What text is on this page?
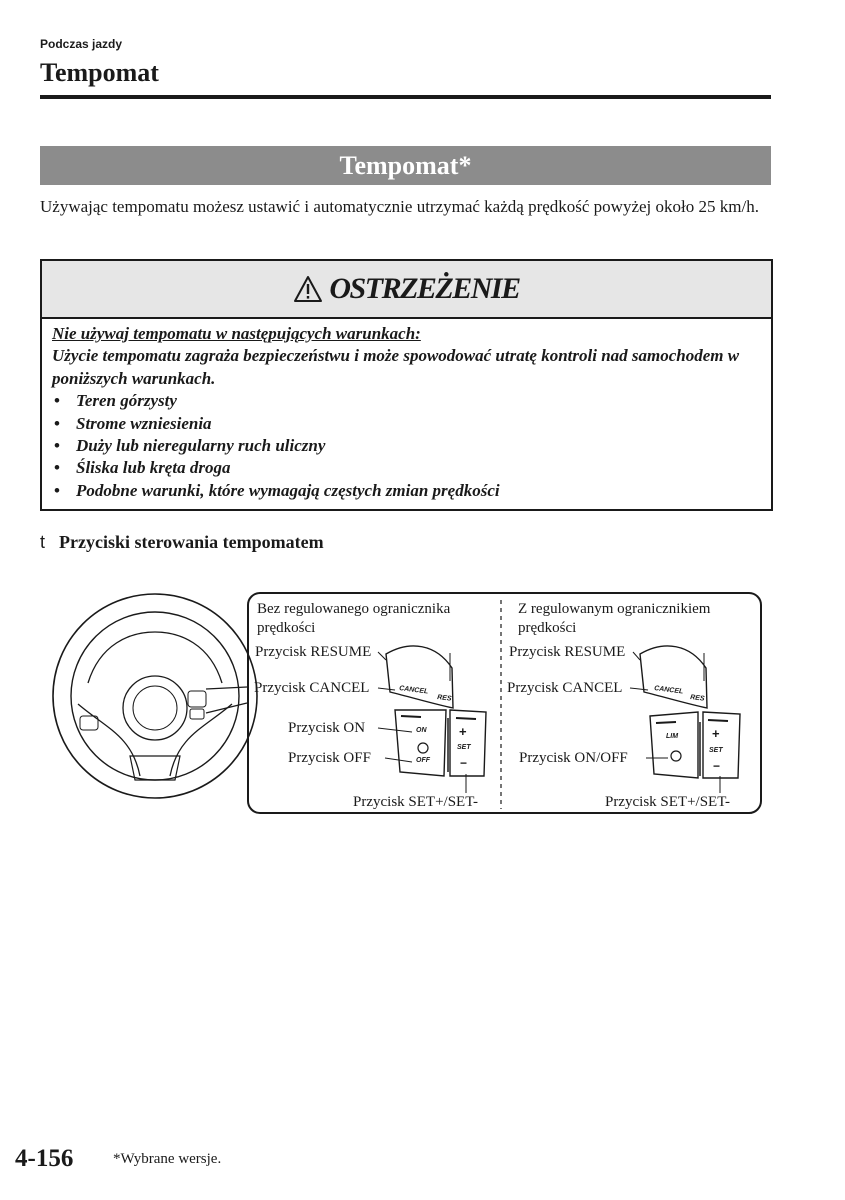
Podczas jazdy
Tempomat
Tempomat*
Używając tempomatu możesz ustawić i automatycznie utrzymać każdą prędkość powyżej około 25 km/h.
OSTRZEŻENIE
Nie używaj tempomatu w następujących warunkach:
Użycie tempomatu zagraża bezpieczeństwu i może spowodować utratę kontroli nad samochodem w poniższych warunkach.
• Teren górzysty
• Strome wzniesienia
• Duży lub nieregularny ruch uliczny
• Śliska lub kręta droga
• Podobne warunki, które wymagają częstych zmian prędkości
t Przyciski sterowania tempomatem
CANCEL
RES
ON
OFF
SET
+
−
CANCEL
RES
LIM
SET
+
−
Bez regulowanego ogranicznika
prędkości
Przycisk RESUME
Przycisk CANCEL
Przycisk ON
Przycisk OFF
Przycisk SET+/SET-
Z regulowanym ogranicznikiem
prędkości
Przycisk RESUME
Przycisk CANCEL
Przycisk ON/OFF
Przycisk SET+/SET-
4-156	*Wybrane wersje.
